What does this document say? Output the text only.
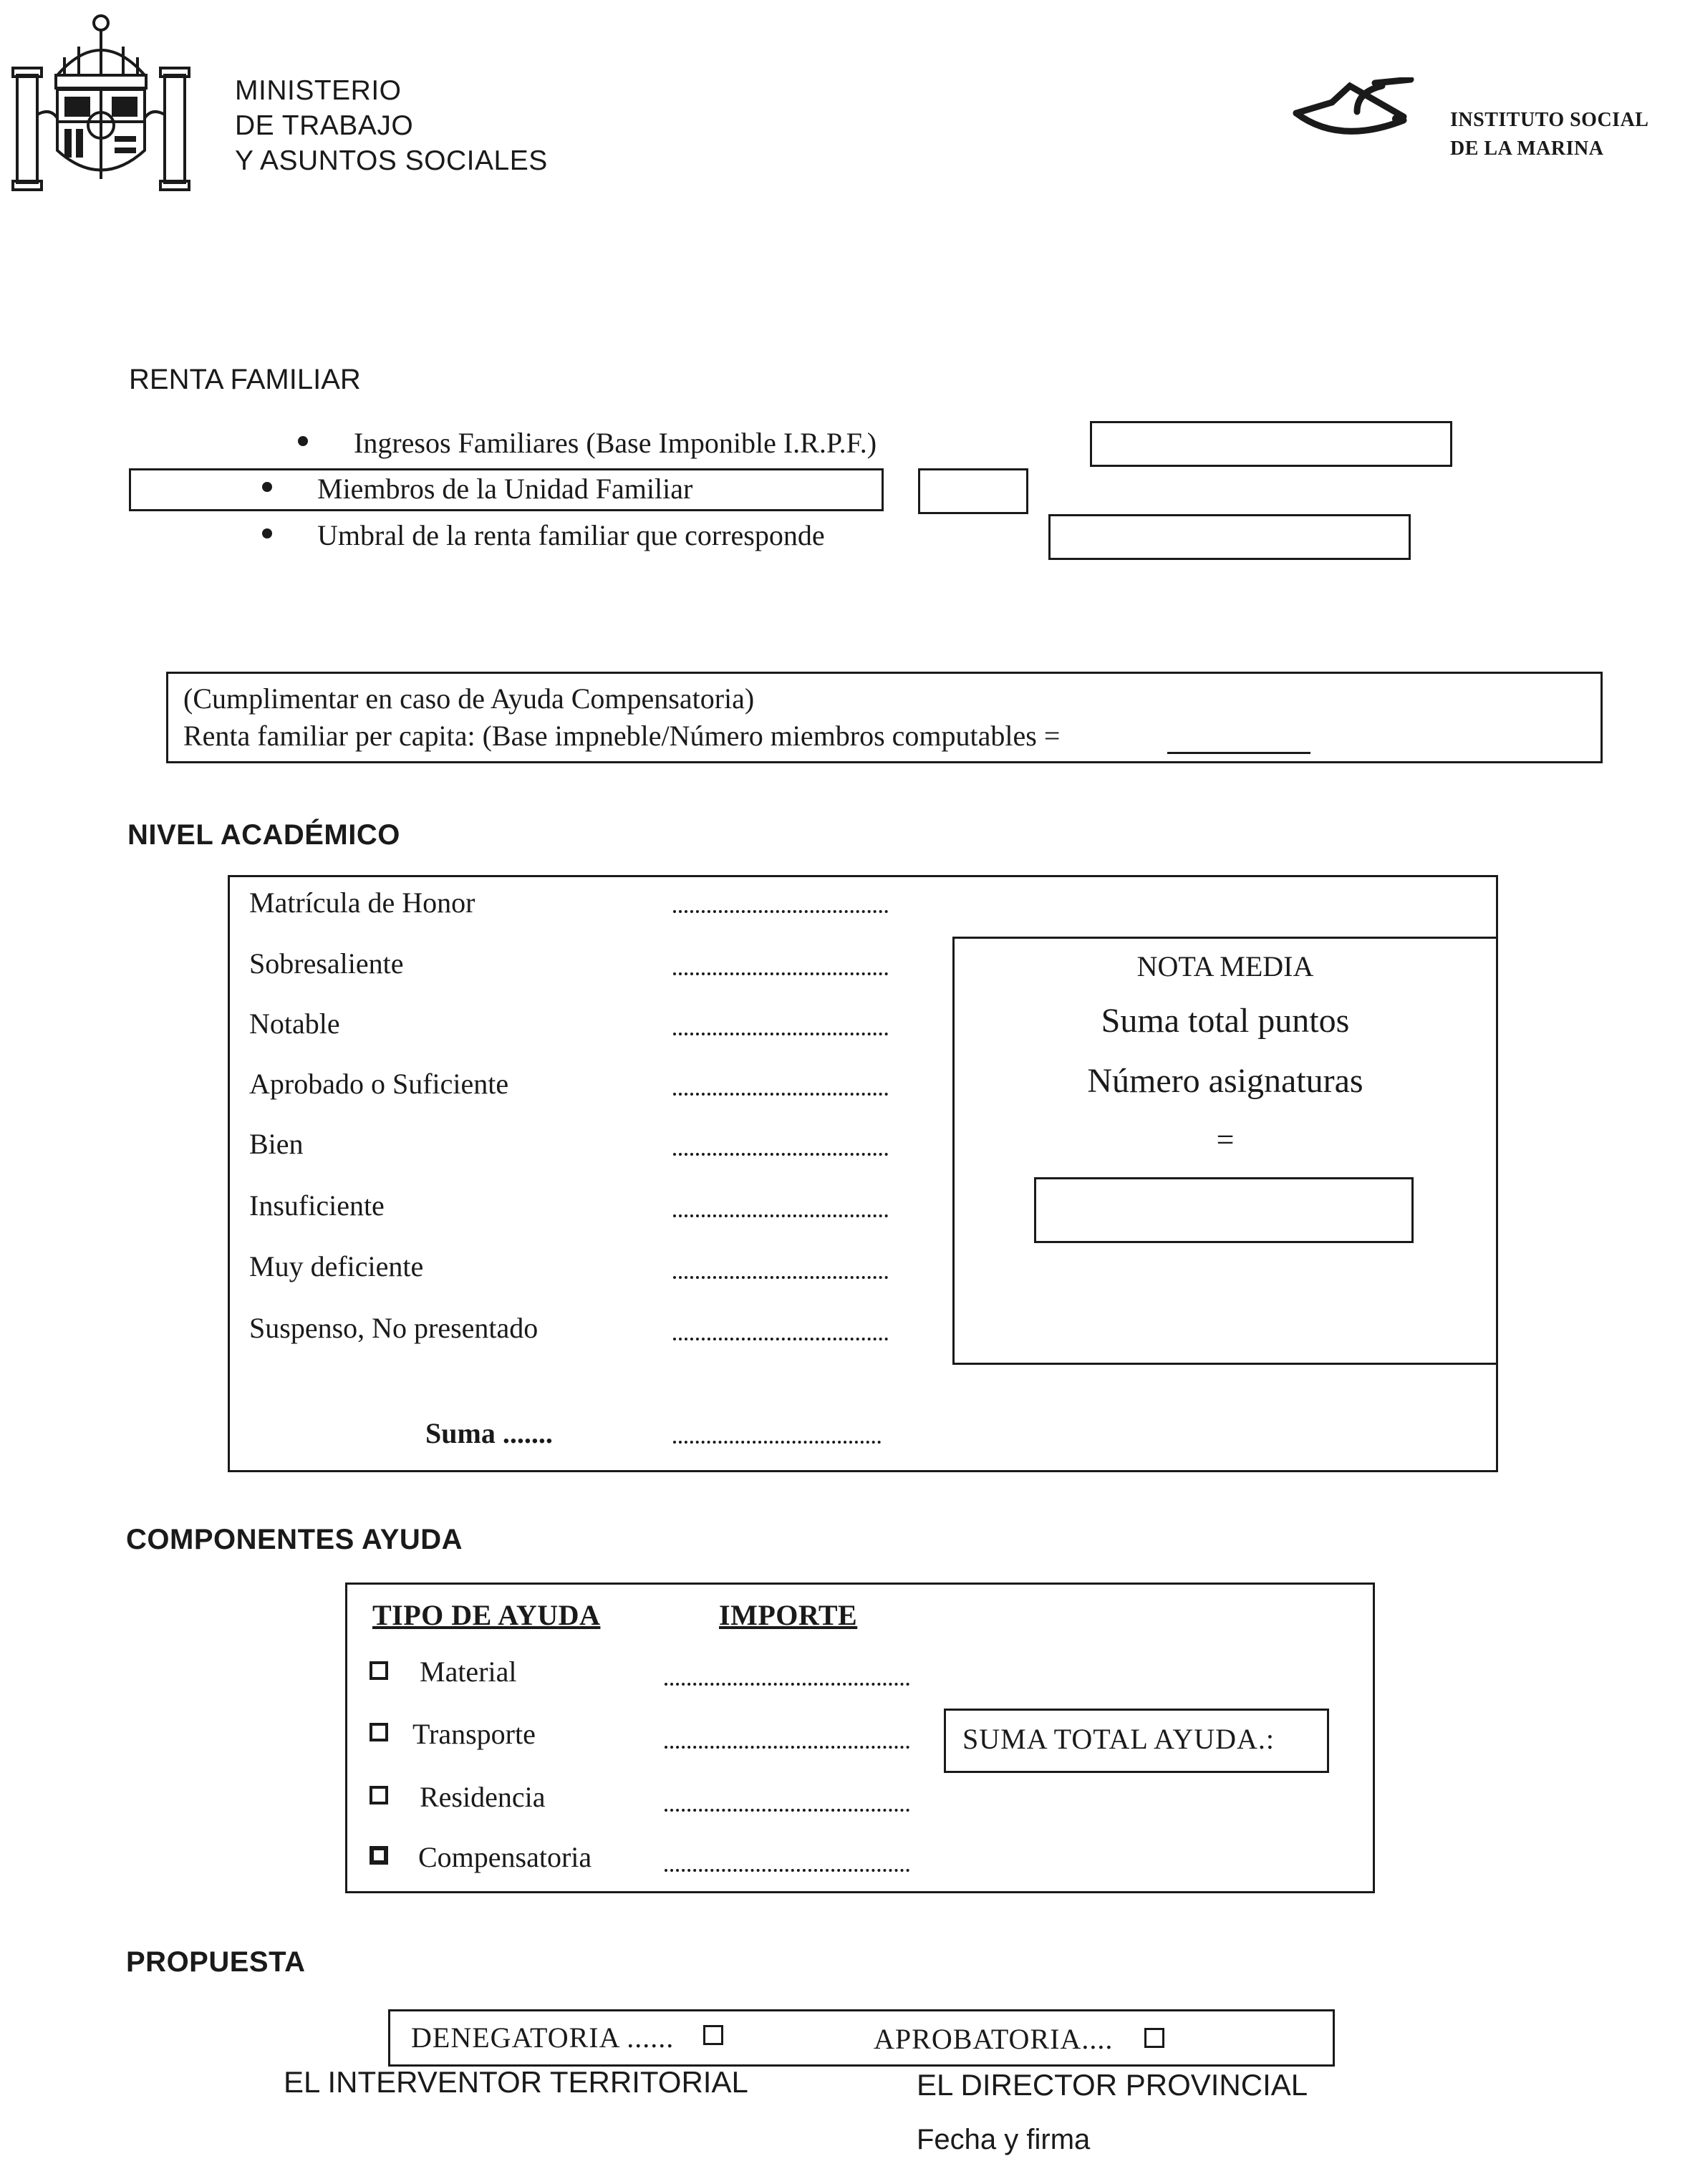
MINISTERIO
DE TRABAJO
Y ASUNTOS SOCIALES
INSTITUTO SOCIAL
DE LA MARINA
RENTA FAMILIAR
Ingresos Familiares (Base Imponible I.R.P.F.)
Miembros de la Unidad Familiar
Umbral de la renta familiar que corresponde
(Cumplimentar en caso de Ayuda Compensatoria)
Renta familiar per capita: (Base impneble/Número miembros computables =
NIVEL ACADÉMICO
Matrícula de Honor
Sobresaliente
Notable
Aprobado o Suficiente
Bien
Insuficiente
Muy deficiente
Suspenso, No presentado
Suma .......
NOTA MEDIA
Suma total puntos
Número asignaturas
=
COMPONENTES AYUDA
TIPO DE AYUDA	IMPORTE
Material
Transporte
Residencia
Compensatoria
SUMA TOTAL AYUDA.:
PROPUESTA
DENEGATORIA ......	APROBATORIA....
EL INTERVENTOR TERRITORIAL	EL DIRECTOR PROVINCIAL
Fecha y firma
